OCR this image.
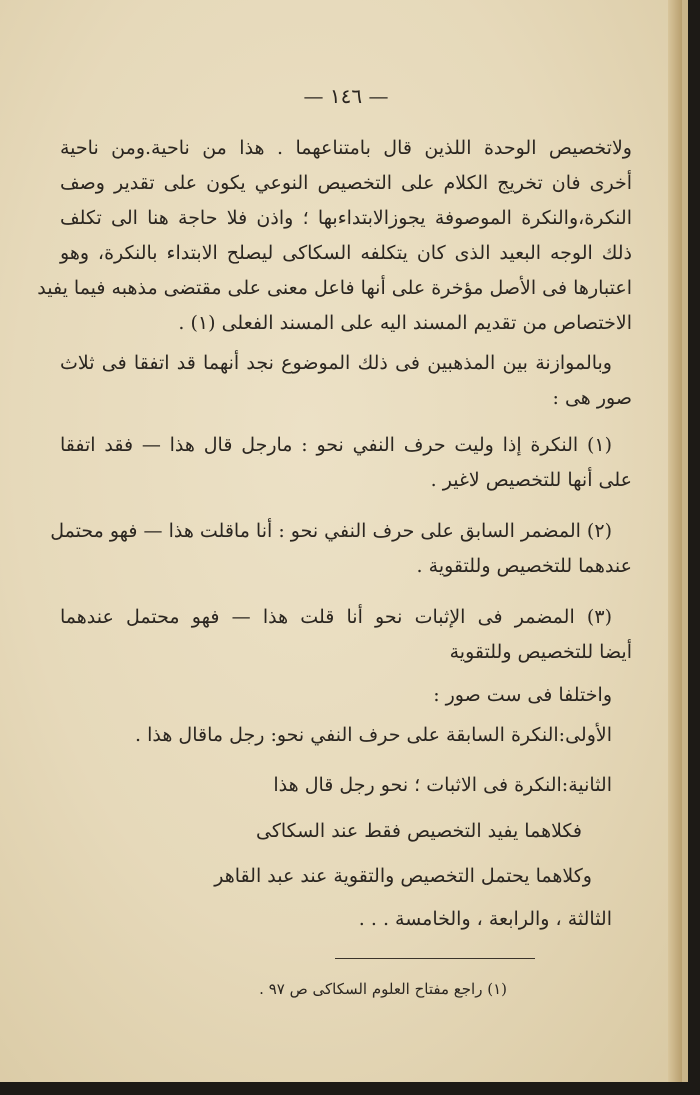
— ١٤٦ —
ولاتخصيص الوحدة اللذين قال بامتناعهما . هذا من ناحية.ومن ناحية
أخرى فان تخريج الكلام على التخصيص النوعي يكون على تقدير وصف
النكرة،والنكرة الموصوفة يجوزالابتداءبها ؛ واذن فلا حاجة هنا الى تكلف
ذلك الوجه البعيد الذى كان يتكلفه السكاكى ليصلح الابتداء بالنكرة، وهو
اعتبارها فى الأصل مؤخرة على أنها فاعل معنى على مقتضى مذهبه فيما يفيد
الاختصاص من تقديم المسند اليه على المسند الفعلى (١) .
وبالموازنة بين المذهبين فى ذلك الموضوع نجد أنهما قد اتفقا فى ثلاث
صور هى :
(١) النكرة إذا وليت حرف النفي نحو : مارجل قال هذا — فقد اتفقا
على أنها للتخصيص لاغير .
(٢) المضمر السابق على حرف النفي نحو : أنا ماقلت هذا — فهو محتمل
عندهما للتخصيص وللتقوية .
(٣) المضمر فى الإثبات نحو أنا قلت هذا — فهو محتمل عندهما
أيضا للتخصيص وللتقوية
واختلفا فى ست صور :
الأولى:النكرة السابقة على حرف النفي نحو: رجل ماقال هذا .
الثانية:النكرة فى الاثبات ؛ نحو رجل قال هذا
فكلاهما يفيد التخصيص فقط عند السكاكى
وكلاهما يحتمل التخصيص والتقوية عند عبد القاهر
الثالثة ، والرابعة ، والخامسة . . .
(١) راجع مفتاح العلوم السكاكى ص ٩٧ .
